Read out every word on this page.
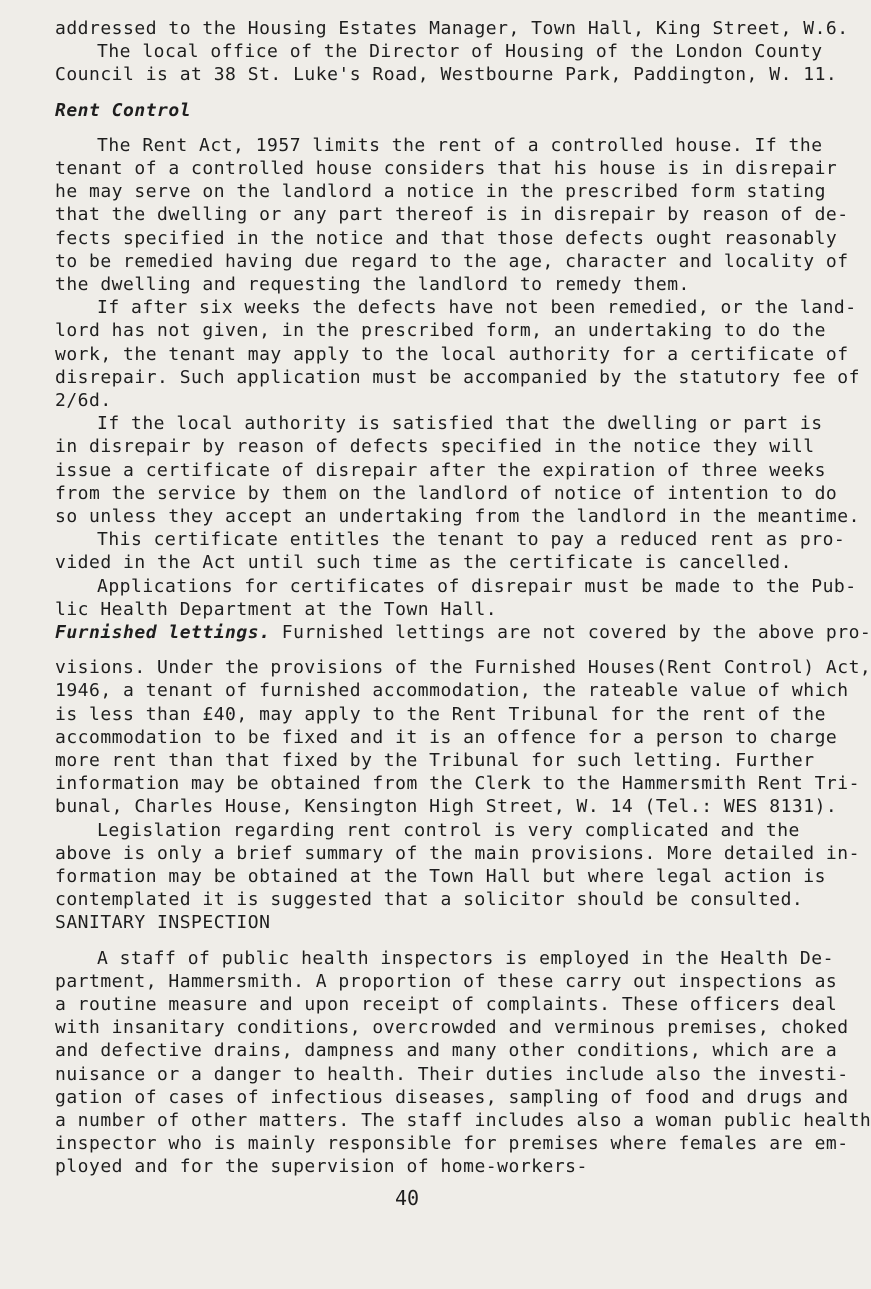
addressed to the Housing Estates Manager, Town Hall, King Street, W.6.
The local office of the Director of Housing of the London County
Council is at 38 St. Luke's Road, Westbourne Park, Paddington, W. 11.
Rent Control
The Rent Act, 1957 limits the rent of a controlled house. If the
tenant of a controlled house considers that his house is in disrepair
he may serve on the landlord a notice in the prescribed form stating
that the dwelling or any part thereof is in disrepair by reason of de-
fects specified in the notice and that those defects ought reasonably
to be remedied having due regard to the age, character and locality of
the dwelling and requesting the landlord to remedy them.
If after six weeks the defects have not been remedied, or the land-
lord has not given, in the prescribed form, an undertaking to do the
work, the tenant may apply to the local authority for a certificate of
disrepair. Such application must be accompanied by the statutory fee of
2/6d.
If the local authority is satisfied that the dwelling or part is
in disrepair by reason of defects specified in the notice they will
issue a certificate of disrepair after the expiration of three weeks
from the service by them on the landlord of notice of intention to do
so unless they accept an undertaking from the landlord in the meantime.
This certificate entitles the tenant to pay a reduced rent as pro-
vided in the Act until such time as the certificate is cancelled.
Applications for certificates of disrepair must be made to the Pub-
lic Health Department at the Town Hall.
Furnished lettings. Furnished lettings are not covered by the above pro-
visions. Under the provisions of the Furnished Houses(Rent Control) Act,
1946, a tenant of furnished accommodation, the rateable value of which
is less than £40, may apply to the Rent Tribunal for the rent of the
accommodation to be fixed and it is an offence for a person to charge
more rent than that fixed by the Tribunal for such letting. Further
information may be obtained from the Clerk to the Hammersmith Rent Tri-
bunal, Charles House, Kensington High Street, W. 14 (Tel.: WES 8131).
Legislation regarding rent control is very complicated and the
above is only a brief summary of the main provisions. More detailed in-
formation may be obtained at the Town Hall but where legal action is
contemplated it is suggested that a solicitor should be consulted.
SANITARY INSPECTION
A staff of public health inspectors is employed in the Health De-
partment, Hammersmith. A proportion of these carry out inspections as
a routine measure and upon receipt of complaints. These officers deal
with insanitary conditions, overcrowded and verminous premises, choked
and defective drains, dampness and many other conditions, which are a
nuisance or a danger to health. Their duties include also the investi-
gation of cases of infectious diseases, sampling of food and drugs and
a number of other matters. The staff includes also a woman public health
inspector who is mainly responsible for premises where females are em-
ployed and for the supervision of home-workers-
40
